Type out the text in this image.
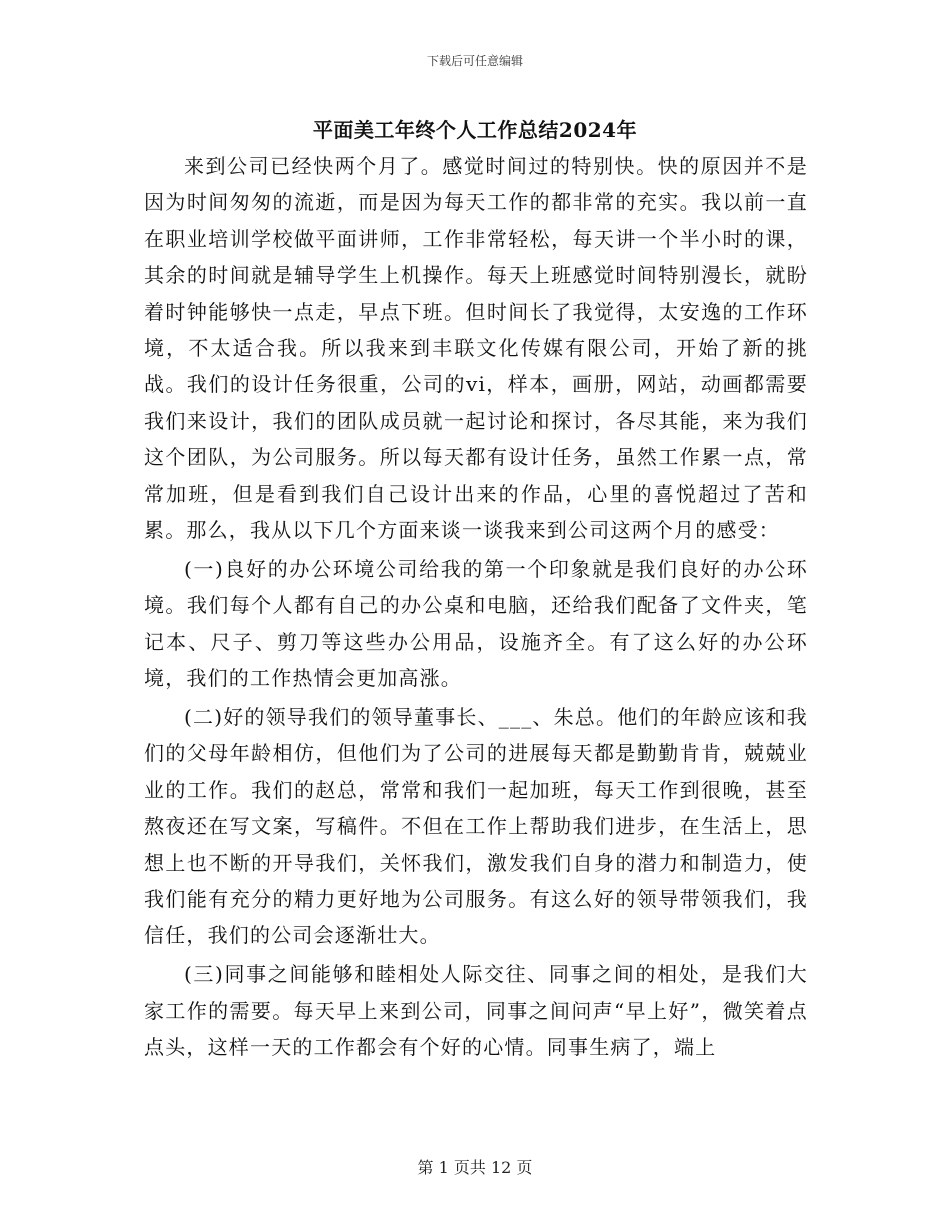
下载后可任意编辑
平面美工年终个人工作总结2024年

来到公司已经快两个月了。感觉时间过的特别快。快的原因并不是因为时间匆匆的流逝，而是因为每天工作的都非常的充实。我以前一直在职业培训学校做平面讲师，工作非常轻松，每天讲一个半小时的课，其余的时间就是辅导学生上机操作。每天上班感觉时间特别漫长，就盼着时钟能够快一点走，早点下班。但时间长了我觉得，太安逸的工作环境，不太适合我。所以我来到丰联文化传媒有限公司，开始了新的挑战。我们的设计任务很重，公司的vi，样本，画册，网站，动画都需要我们来设计，我们的团队成员就一起讨论和探讨，各尽其能，来为我们这个团队，为公司服务。所以每天都有设计任务，虽然工作累一点，常常加班，但是看到我们自己设计出来的作品，心里的喜悦超过了苦和累。那么，我从以下几个方面来谈一谈我来到公司这两个月的感受：

(一)良好的办公环境公司给我的第一个印象就是我们良好的办公环境。我们每个人都有自己的办公桌和电脑，还给我们配备了文件夹，笔记本、尺子、剪刀等这些办公用品，设施齐全。有了这么好的办公环境，我们的工作热情会更加高涨。

(二)好的领导我们的领导董事长、___、朱总。他们的年龄应该和我们的父母年龄相仿，但他们为了公司的进展每天都是勤勤肯肯，兢兢业业的工作。我们的赵总，常常和我们一起加班，每天工作到很晚，甚至熬夜还在写文案，写稿件。不但在工作上帮助我们进步，在生活上，思想上也不断的开导我们，关怀我们，激发我们自身的潜力和制造力，使我们能有充分的精力更好地为公司服务。有这么好的领导带领我们，我信任，我们的公司会逐渐壮大。

(三)同事之间能够和睦相处人际交往、同事之间的相处，是我们大家工作的需要。每天早上来到公司，同事之间问声“早上好”，微笑着点点头，这样一天的工作都会有个好的心情。同事生病了，端上

第 1 页共 12 页
